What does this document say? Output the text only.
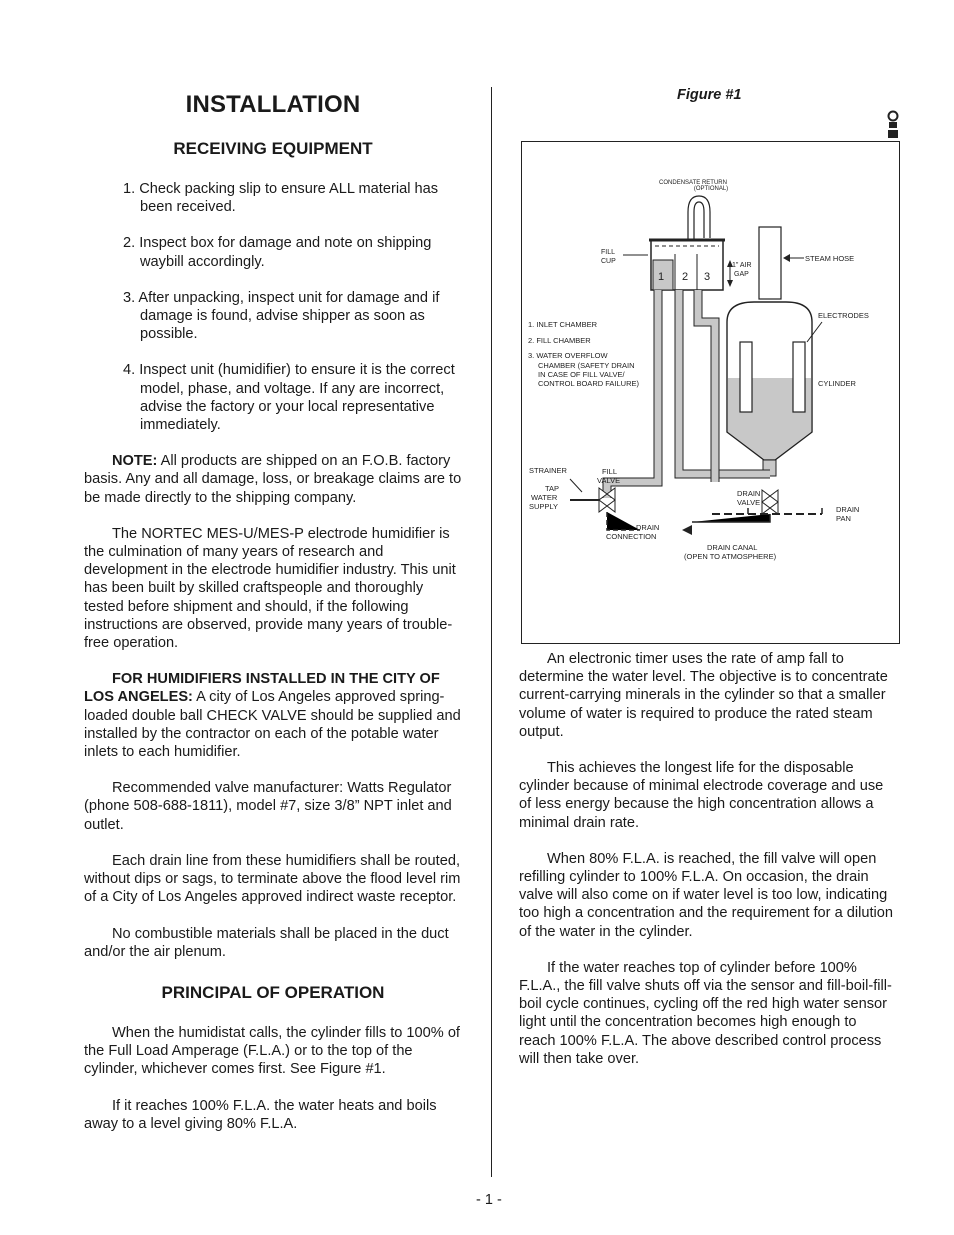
INSTALLATION
RECEIVING EQUIPMENT
1. Check packing slip to ensure ALL material has been received.
2. Inspect box for damage and note on shipping waybill accordingly.
3. After unpacking, inspect unit for damage and if damage is found, advise shipper as soon as possible.
4. Inspect unit (humidifier) to ensure it is the correct model, phase, and voltage. If any are incorrect, advise the factory or your local representative immediately.

NOTE: All products are shipped on an F.O.B. factory basis. Any and all damage, loss, or breakage claims are to be made directly to the shipping company.

The NORTEC MES-U/MES-P electrode humidifier is the culmination of many years of research and development in the electrode humidifier industry. This unit has been built by skilled craftspeople and thoroughly tested before shipment and should, if the following instructions are observed, provide many years of trouble-free operation.

FOR HUMIDIFIERS INSTALLED IN THE CITY OF LOS ANGELES: A city of Los Angeles approved spring-loaded double ball CHECK VALVE should be supplied and installed by the contractor on each of the potable water inlets to each humidifier.

Recommended valve manufacturer: Watts Regulator (phone 508-688-1811), model #7, size 3/8” NPT inlet and outlet.

Each drain line from these humidifiers shall be routed, without dips or sags, to terminate above the flood level rim of a City of Los Angeles approved indirect waste receptor.

No combustible materials shall be placed in the duct and/or the air plenum.

PRINCIPAL OF OPERATION

When the humidistat calls, the cylinder fills to 100% of the Full Load Amperage (F.L.A.) or to the top of the cylinder, whichever comes first. See Figure #1.

If it reaches 100% F.L.A. the water heats and boils away to a level giving 80% F.L.A.

Figure #1
CONDENSATE RETURN
(OPTIONAL)
FILL
CUP
1" AIR
GAP
STEAM HOSE
ELECTRODES
CYLINDER
1 2 3
1. INLET CHAMBER
2. FILL CHAMBER
3. WATER OVERFLOW
CHAMBER (SAFETY DRAIN
IN CASE OF FILL VALVE/
CONTROL BOARD FAILURE)
STRAINER	FILL
VALVE
TAP
WATER
SUPPLY
DRAIN
VALVE
DRAIN
PAN
DRAIN
CONNECTION
DRAIN CANAL
(OPEN TO ATMOSPHERE)

An electronic timer uses the rate of amp fall to determine the water level. The objective is to concentrate current-carrying minerals in the cylinder so that a smaller volume of water is required to produce the rated steam output.

This achieves the longest life for the disposable cylinder because of minimal electrode coverage and use of less energy because the high concentration allows a minimal drain rate.

When 80% F.L.A. is reached, the fill valve will open refilling cylinder to 100% F.L.A. On occasion, the drain valve will also come on if water level is too low, indicating too high a concentration and the requirement for a dilution of the water in the cylinder.

If the water reaches top of cylinder before 100% F.L.A., the fill valve shuts off via the sensor and fill-boil-fill-boil cycle continues, cycling off the red high water sensor light until the concentration becomes high enough to reach 100% F.L.A. The above described control process will then take over.

- 1 -
